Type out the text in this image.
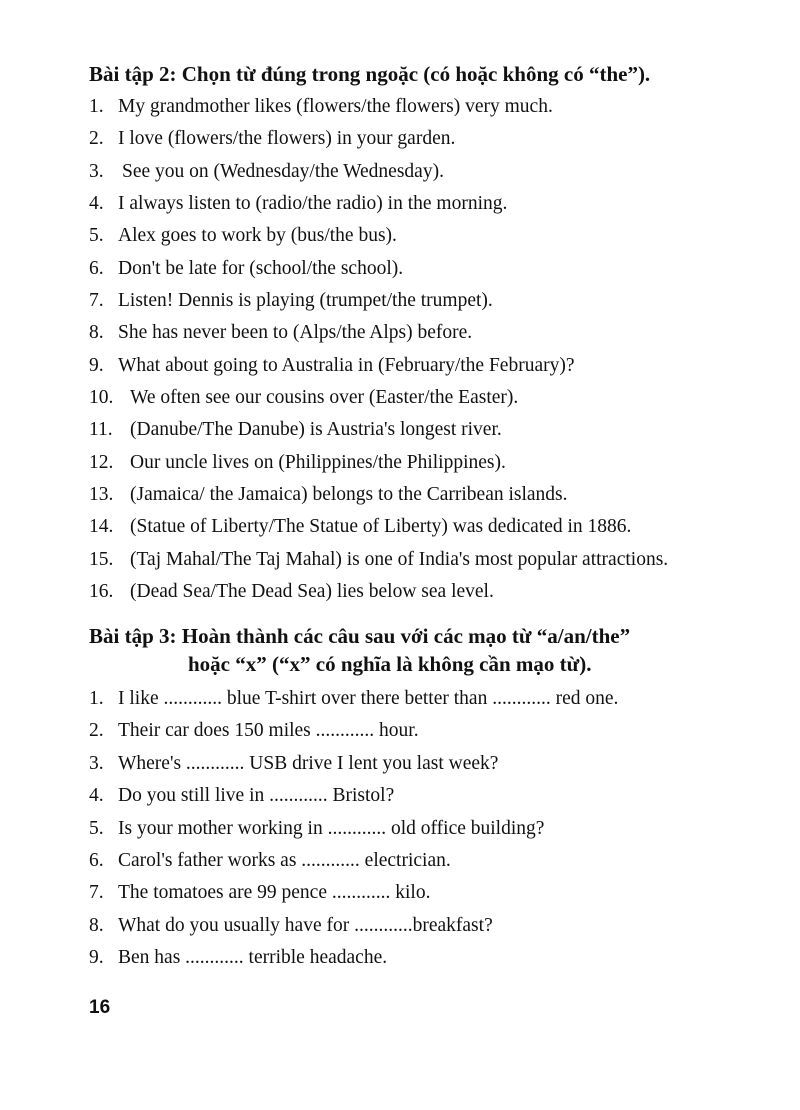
Bài tập 2: Chọn từ đúng trong ngoặc (có hoặc không có “the”).
1. My grandmother likes (flowers/the flowers) very much.
2. I love (flowers/the flowers) in your garden.
3. See you on (Wednesday/the Wednesday).
4. I always listen to (radio/the radio) in the morning.
5. Alex goes to work by (bus/the bus).
6. Don't be late for (school/the school).
7. Listen! Dennis is playing (trumpet/the trumpet).
8. She has never been to (Alps/the Alps) before.
9. What about going to Australia in (February/the February)?
10. We often see our cousins over (Easter/the Easter).
11. (Danube/The Danube) is Austria's longest river.
12. Our uncle lives on (Philippines/the Philippines).
13. (Jamaica/ the Jamaica) belongs to the Carribean islands.
14. (Statue of Liberty/The Statue of Liberty) was dedicated in 1886.
15. (Taj Mahal/The Taj Mahal) is one of India's most popular attractions.
16. (Dead Sea/The Dead Sea) lies below sea level.
Bài tập 3: Hoàn thành các câu sau với các mạo từ “a/an/the”
hoặc “x” (“x” có nghĩa là không cần mạo từ).
1. I like ............ blue T-shirt over there better than ............ red one.
2. Their car does 150 miles ............ hour.
3. Where's ............ USB drive I lent you last week?
4. Do you still live in ............ Bristol?
5. Is your mother working in ............ old office building?
6. Carol's father works as ............ electrician.
7. The tomatoes are 99 pence ............ kilo.
8. What do you usually have for ............breakfast?
9. Ben has ............ terrible headache.
16
